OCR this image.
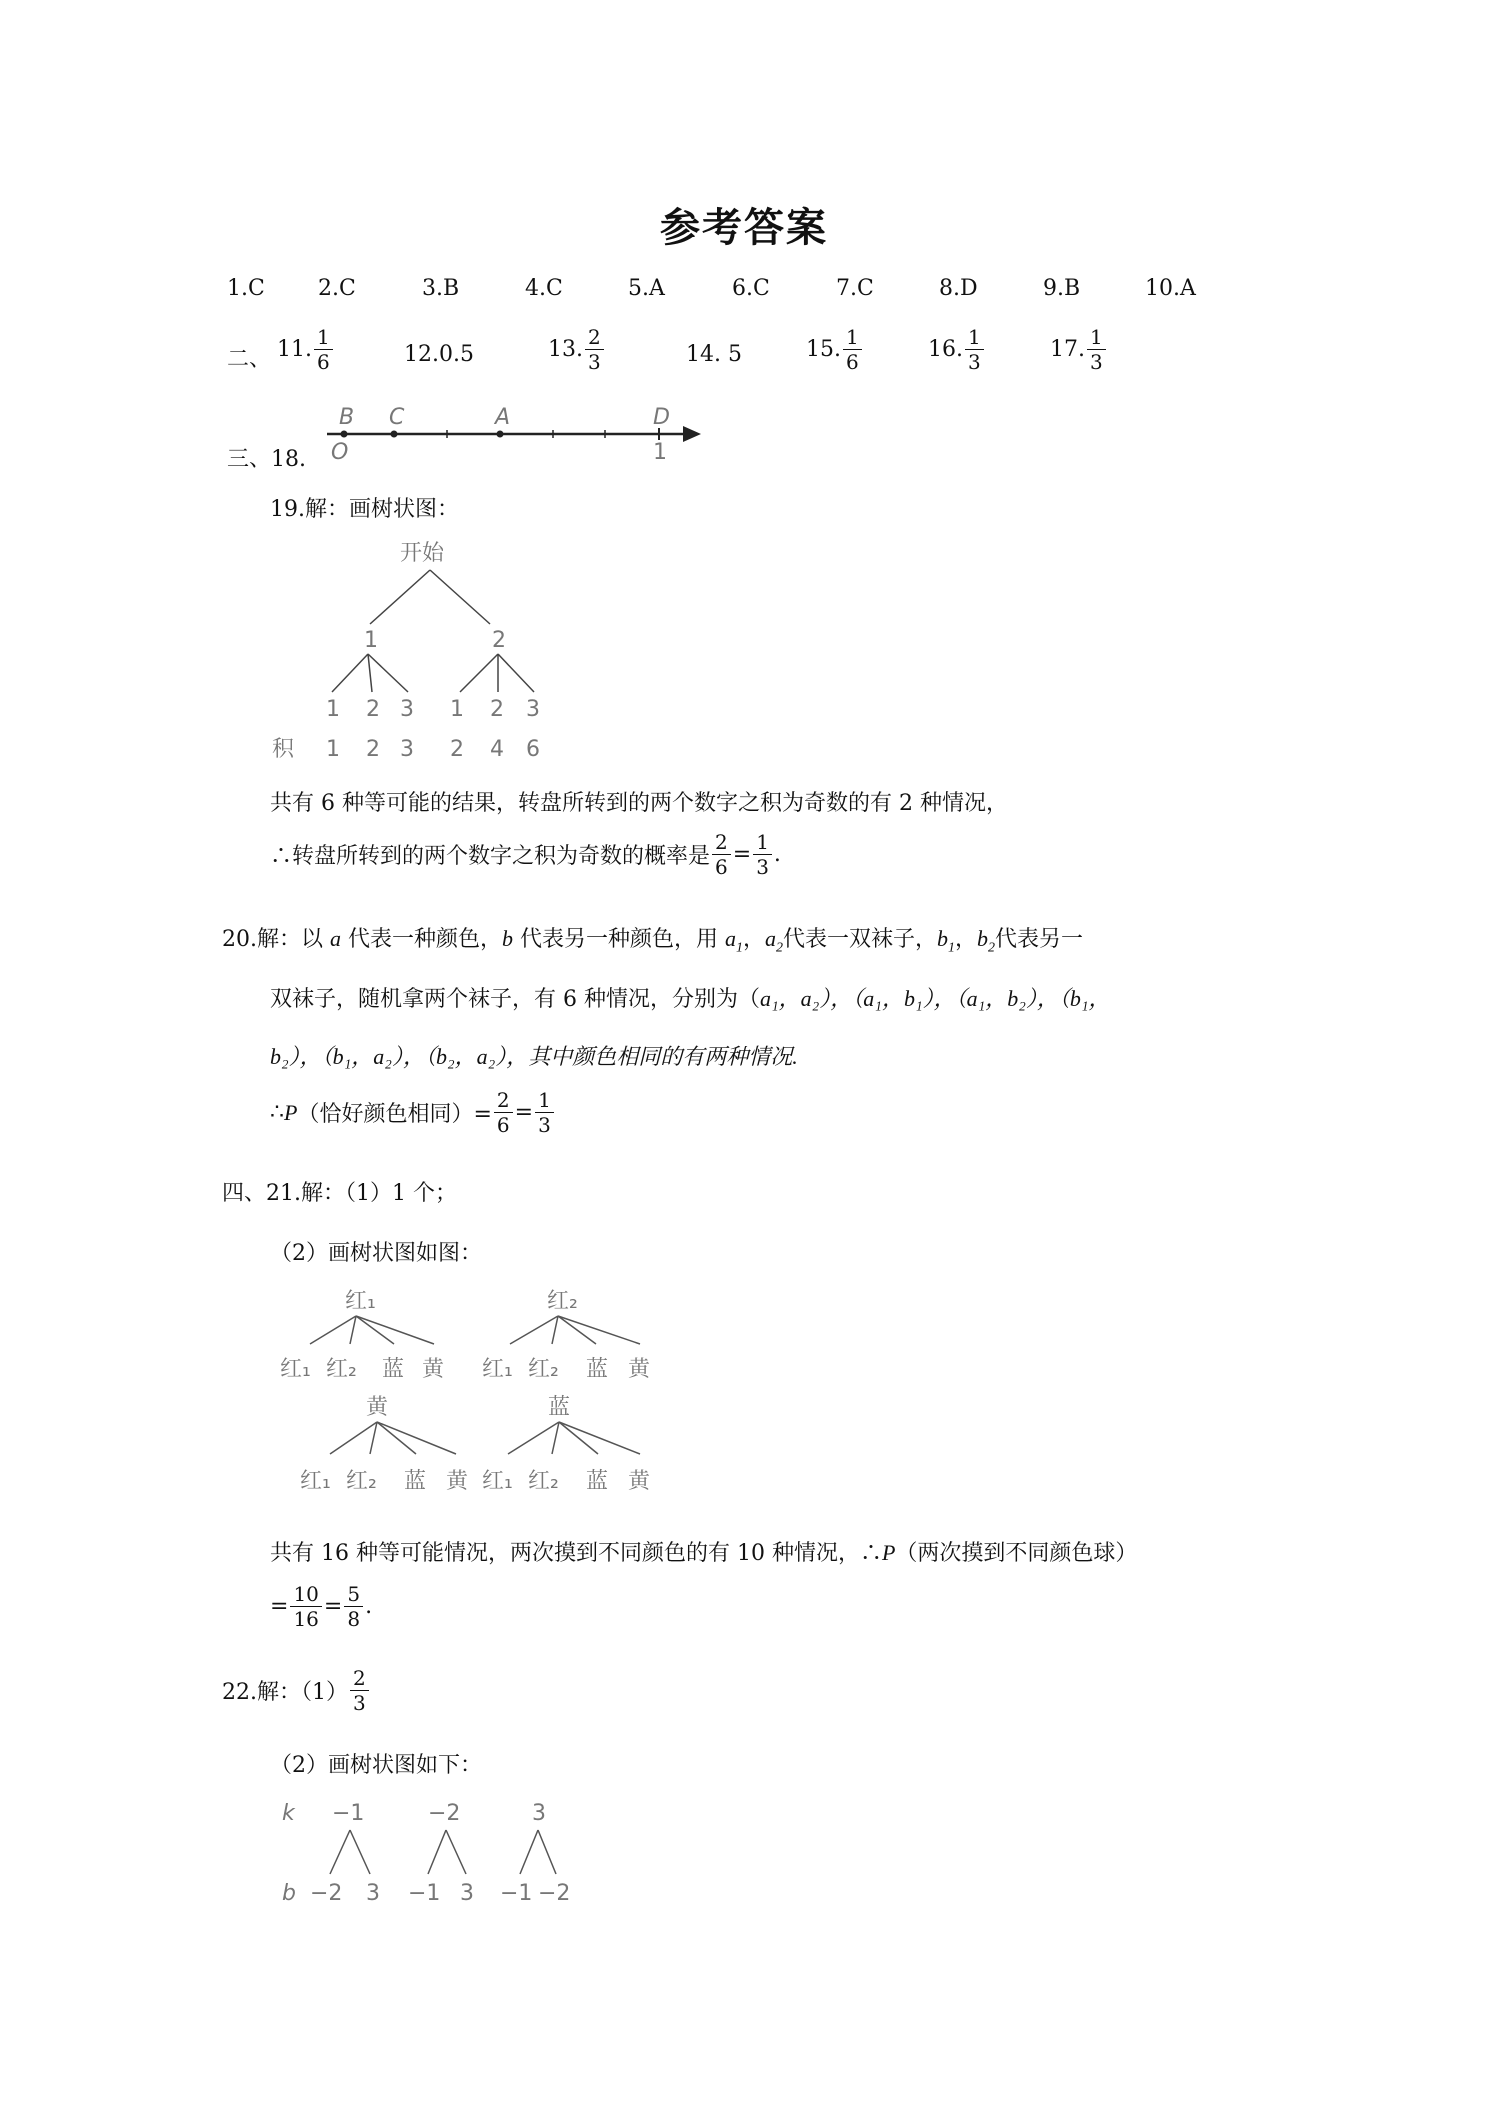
参考答案
1.C 2.C	3.B	4.C	5.A	6.C	7.C	8.D	9.B	10.A
二、 11. $\frac{1}{6}$	12.0.5	13. $\frac{2}{3}$	14. 5	15. $\frac{1}{6}$	16. $\frac{1}{3}$	17. $\frac{1}{3}$
三、18.
B C	A	D
O	1
19.解：画树状图：
开始
1	2
1 2 3 1 2 3
积 1 2 3 2 4 6
共有 6 种等可能的结果，转盘所转到的两个数字之积为奇数的有 2 种情况，
∴转盘所转到的两个数字之积为奇数的概率是 $\frac{2}{6} = \frac{1}{3}$ .
20.解：以 a 代表一种颜色，b 代表另一种颜色，用 $a_1$，$a_2$代表一双袜子，$b_1$，$b_2$代表另一
双袜子，随机拿两个袜子，有 6 种情况，分别为（a₁，a₂），（a₁，b₁），（a₁，b₂），（b₁，
b₂），（b₁，a₂），（b₂，a₂），其中颜色相同的有两种情况.
∴ P （恰好颜色相同）= $\frac{2}{6} = \frac{1}{3}$
四、21.解：（1）1 个；
（2）画树状图如图：
红₁
红₁ 红₂ 蓝 黄
红₂
红₁ 红₂ 蓝 黄
黄
红₁ 红₂ 蓝 黄
蓝
红₁ 红₂ 蓝 黄
共有 16 种等可能情况，两次摸到不同颜色的有 10 种情况，∴P（两次摸到不同颜色球）
= $\frac{10}{16} = \frac{5}{8}$ .
22.解：$(1) \frac{2}{3}$
（2）画树状图如下：
k
b
−1	−2	3
−2 3 −1 3 −1 −2
